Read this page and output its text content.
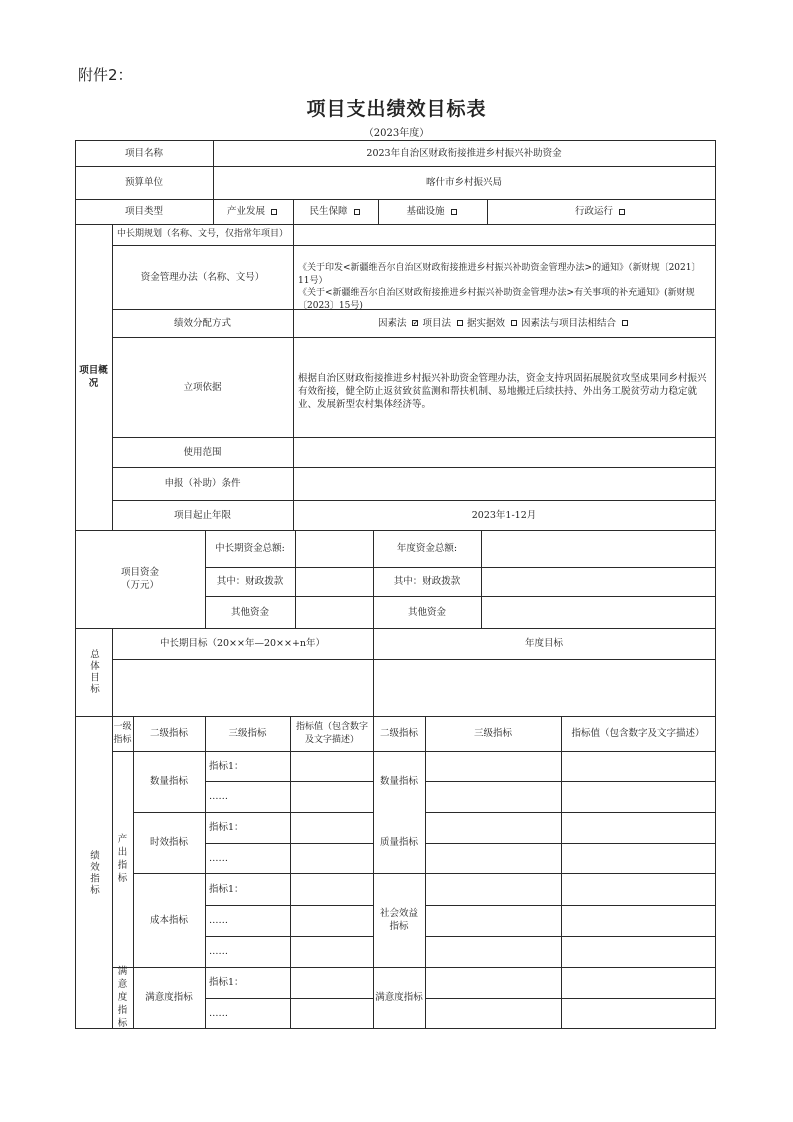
附件2：
项目支出绩效目标表
（2023年度）
项目名称	2023年自治区财政衔接推进乡村振兴补助资金
预算单位	喀什市乡村振兴局
项目类型	产业发展	民生保障	基础设施	行政运行
项目概况
中长期规划（名称、文号，仅指常年项目）
资金管理办法（名称、文号）
《关于印发<新疆维吾尔自治区财政衔接推进乡村振兴补助资金管理办法>的通知》（新财规〔2021〕11号）
《关于<新疆维吾尔自治区财政衔接推进乡村振兴补助资金管理办法>有关事项的补充通知》(新财规〔2023〕15号)
绩效分配方式	因素法
✓ 项目法 据实据效 因素法与项目法相结合
立项依据
根据自治区财政衔接推进乡村振兴补助资金管理办法，资金支持巩固拓展脱贫攻坚成果同乡村振兴有效衔接，健全防止返贫致贫监测和帮扶机制、易地搬迁后续扶持、外出务工脱贫劳动力稳定就业、发展新型农村集体经济等。
使用范围
申报（补助）条件
项目起止年限	2023年1-12月
项目资金
（万元）
中长期资金总额:	年度资金总额:
其中：财政拨款	其中：财政拨款
其他资金	其他资金
总体目标
中长期目标（20××年—20××+n年）	年度目标
绩效指标
一级指标
二级指标	三级指标
指标值（包含数字及文字描述）
二级指标	三级指标	指标值（包含数字及文字描述）
产出指标
满意度指标
数量指标
时效指标
成本指标
满意度指标
指标1：
……
指标1：
……
指标1：
……
……
指标1：
……
数量指标
质量指标
社会效益指标
满意度指标
